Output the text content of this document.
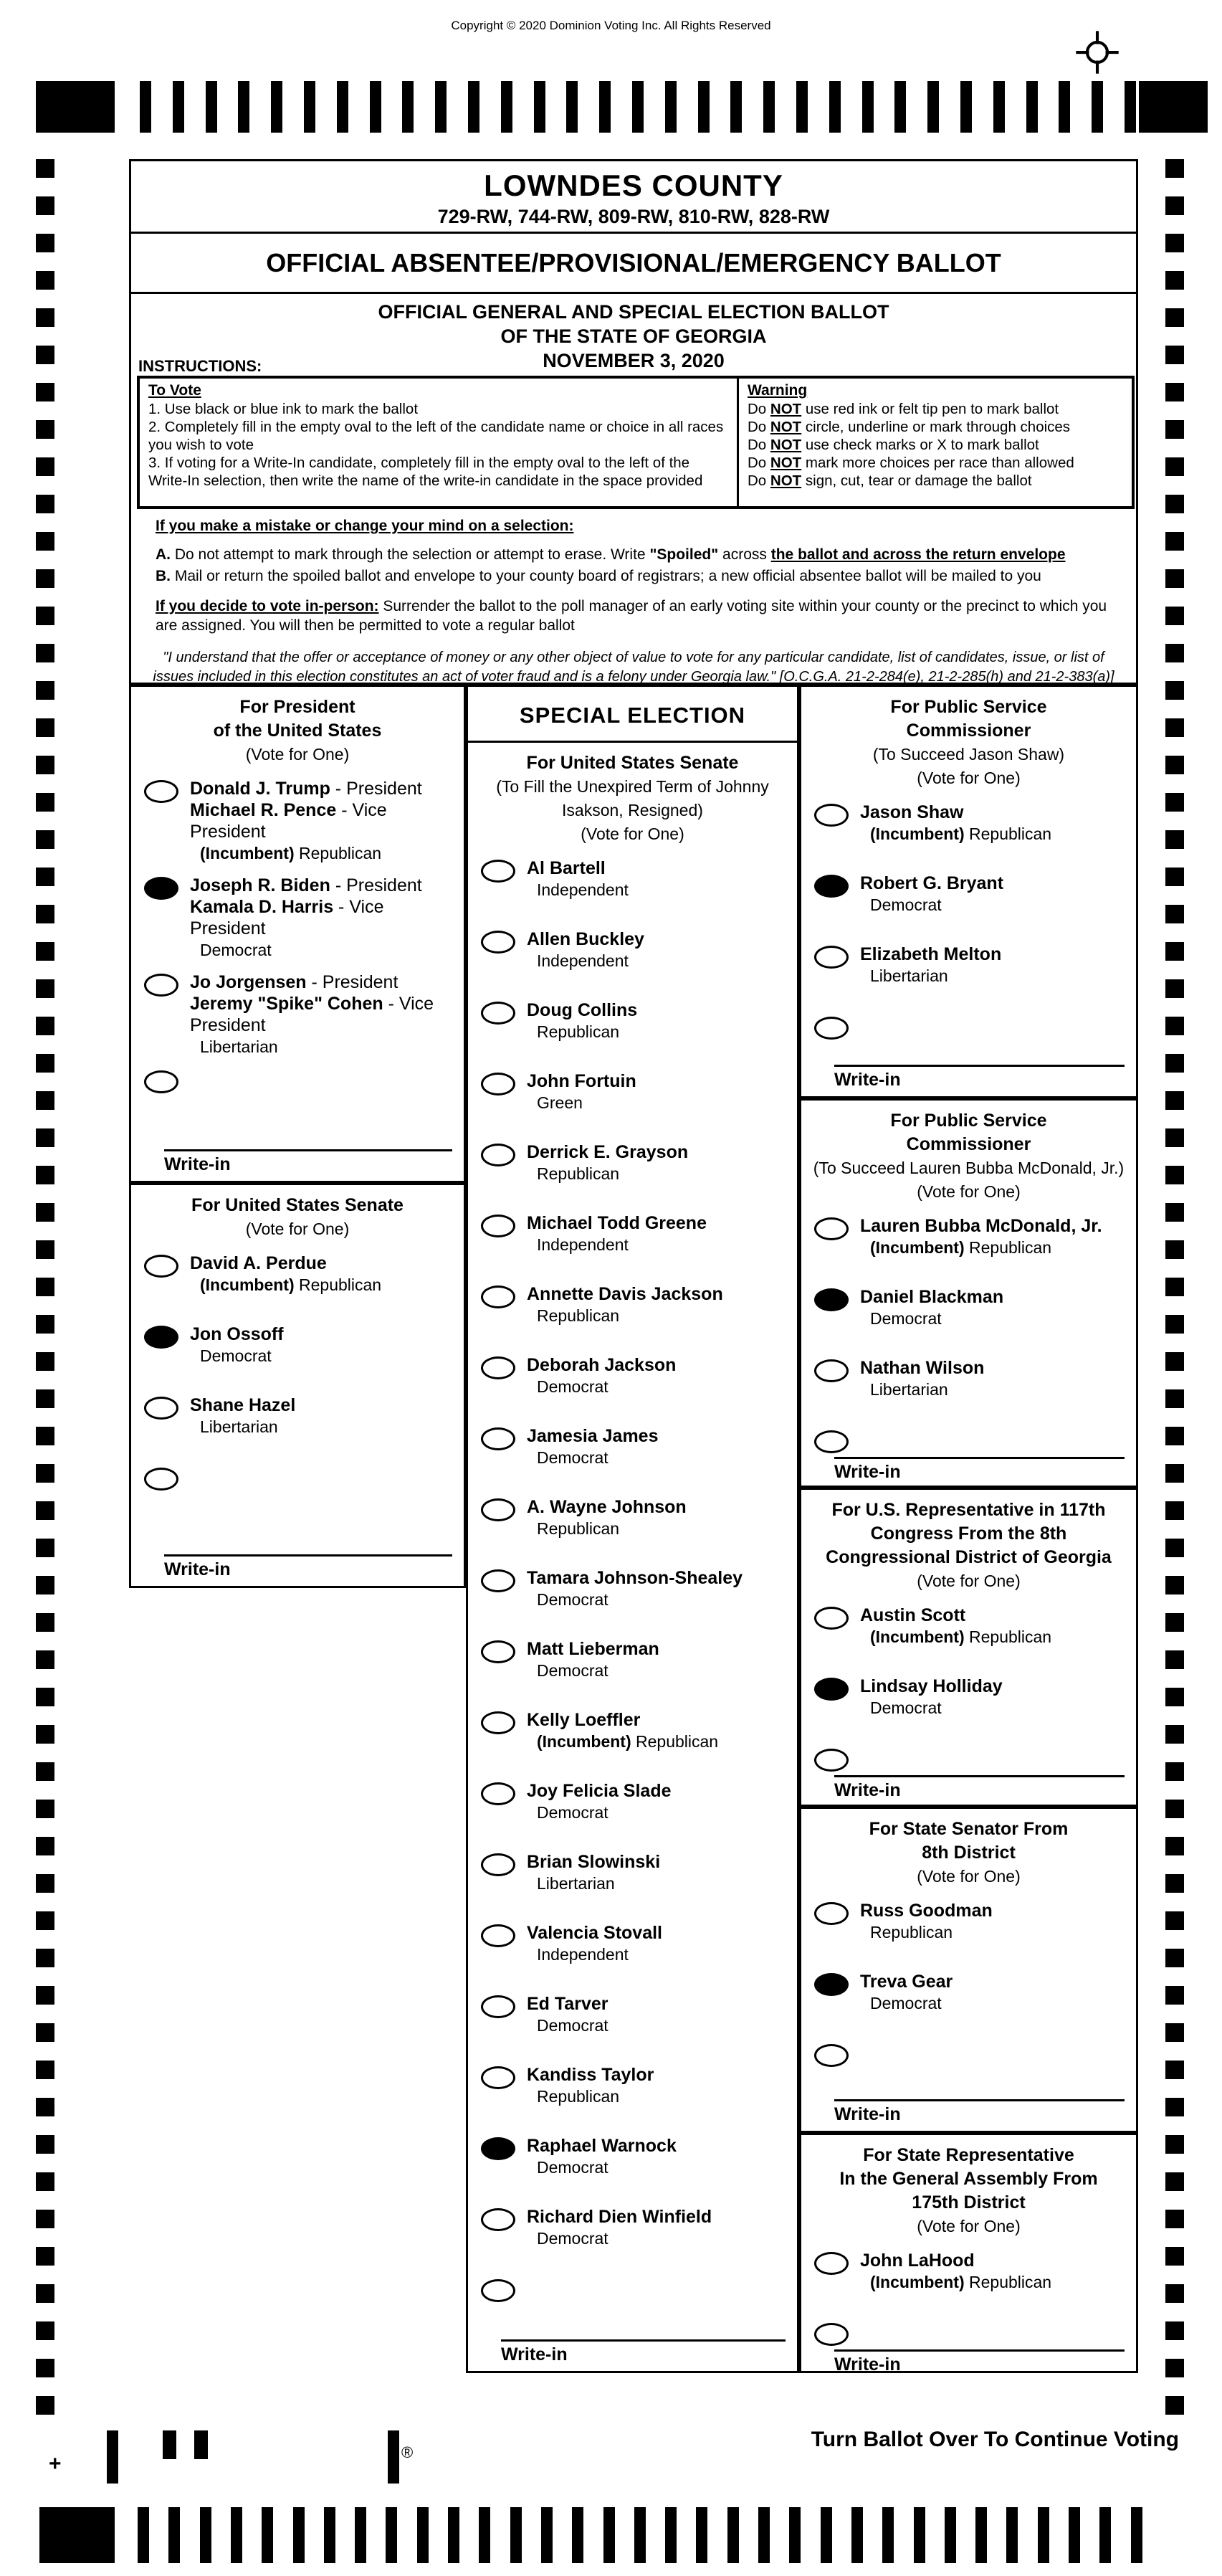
Copyright © 2020 Dominion Voting Inc. All Rights Reserved
LOWNDES COUNTY
729-RW, 744-RW, 809-RW, 810-RW, 828-RW
OFFICIAL ABSENTEE/PROVISIONAL/EMERGENCY BALLOT
OFFICIAL GENERAL AND SPECIAL ELECTION BALLOT
OF THE STATE OF GEORGIA
NOVEMBER 3, 2020
INSTRUCTIONS:
To Vote
1. Use black or blue ink to mark the ballot
2. Completely fill in the empty oval to the left of the candidate name or choice in all races you wish to vote
3. If voting for a Write-In candidate, completely fill in the empty oval to the left of the Write-In selection, then write the name of the write-in candidate in the space provided
Warning
Do NOT use red ink or felt tip pen to mark ballot
Do NOT circle, underline or mark through choices
Do NOT use check marks or X to mark ballot
Do NOT mark more choices per race than allowed
Do NOT sign, cut, tear or damage the ballot
If you make a mistake or change your mind on a selection:
A. Do not attempt to mark through the selection or attempt to erase. Write "Spoiled" across the ballot and across the return envelope
B. Mail or return the spoiled ballot and envelope to your county board of registrars; a new official absentee ballot will be mailed to you
If you decide to vote in-person: Surrender the ballot to the poll manager of an early voting site within your county or the precinct to which you are assigned. You will then be permitted to vote a regular ballot
"I understand that the offer or acceptance of money or any other object of value to vote for any particular candidate, list of candidates, issue, or list of issues included in this election constitutes an act of voter fraud and is a felony under Georgia law." [O.C.G.A. 21-2-284(e), 21-2-285(h) and 21-2-383(a)]
For President
of the United States
(Vote for One)
Donald J. Trump - President
Michael R. Pence - Vice President
(Incumbent) Republican
Joseph R. Biden - President
Kamala D. Harris - Vice President
Democrat
Jo Jorgensen - President
Jeremy "Spike" Cohen - Vice President
Libertarian
Write-in
For United States Senate
(Vote for One)
David A. Perdue
(Incumbent) Republican
Jon Ossoff
Democrat
Shane Hazel
Libertarian
Write-in
SPECIAL ELECTION
For United States Senate
(To Fill the Unexpired Term of Johnny
Isakson, Resigned)
(Vote for One)
Al Bartell
Independent
Allen Buckley
Independent
Doug Collins
Republican
John Fortuin
Green
Derrick E. Grayson
Republican
Michael Todd Greene
Independent
Annette Davis Jackson
Republican
Deborah Jackson
Democrat
Jamesia James
Democrat
A. Wayne Johnson
Republican
Tamara Johnson-Shealey
Democrat
Matt Lieberman
Democrat
Kelly Loeffler
(Incumbent) Republican
Joy Felicia Slade
Democrat
Brian Slowinski
Libertarian
Valencia Stovall
Independent
Ed Tarver
Democrat
Kandiss Taylor
Republican
Raphael Warnock
Democrat
Richard Dien Winfield
Democrat
Write-in
For Public Service
Commissioner
(To Succeed Jason Shaw)
(Vote for One)
Jason Shaw
(Incumbent) Republican
Robert G. Bryant
Democrat
Elizabeth Melton
Libertarian
Write-in
For Public Service
Commissioner
(To Succeed Lauren Bubba McDonald, Jr.)
(Vote for One)
Lauren Bubba McDonald, Jr.
(Incumbent) Republican
Daniel Blackman
Democrat
Nathan Wilson
Libertarian
Write-in
For U.S. Representative in 117th
Congress From the 8th
Congressional District of Georgia
(Vote for One)
Austin Scott
(Incumbent) Republican
Lindsay Holliday
Democrat
Write-in
For State Senator From
8th District
(Vote for One)
Russ Goodman
Republican
Treva Gear
Democrat
Write-in
For State Representative
In the General Assembly From
175th District
(Vote for One)
John LaHood
(Incumbent) Republican
Write-in
Turn Ballot Over To Continue Voting
+	®
